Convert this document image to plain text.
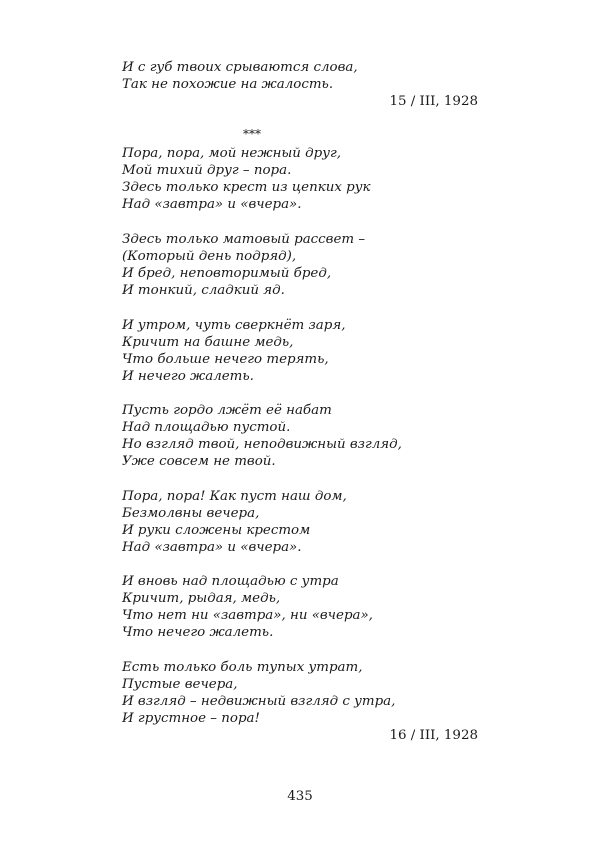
И с губ твоих срываются слова,
Так не похожие на жалость.
15 / III, 1928
***
Пора, пора, мой нежный друг,
Мой тихий друг – пора.
Здесь только крест из цепких рук
Над «завтра» и «вчера».
Здесь только матовый рассвет –
(Который день подряд),
И бред, неповторимый бред,
И тонкий, сладкий яд.
И утром, чуть сверкнёт заря,
Кричит на башне медь,
Что больше нечего терять,
И нечего жалеть.
Пусть гордо лжёт её набат
Над площадью пустой.
Но взгляд твой, неподвижный взгляд,
Уже совсем не твой.
Пора, пора! Как пуст наш дом,
Безмолвны вечера,
И руки сложены крестом
Над «завтра» и «вчера».
И вновь над площадью с утра
Кричит, рыдая, медь,
Что нет ни «завтра», ни «вчера»,
Что нечего жалеть.
Есть только боль тупых утрат,
Пустые вечера,
И взгляд – недвижный взгляд с утра,
И грустное – пора!
16 / III, 1928
435
